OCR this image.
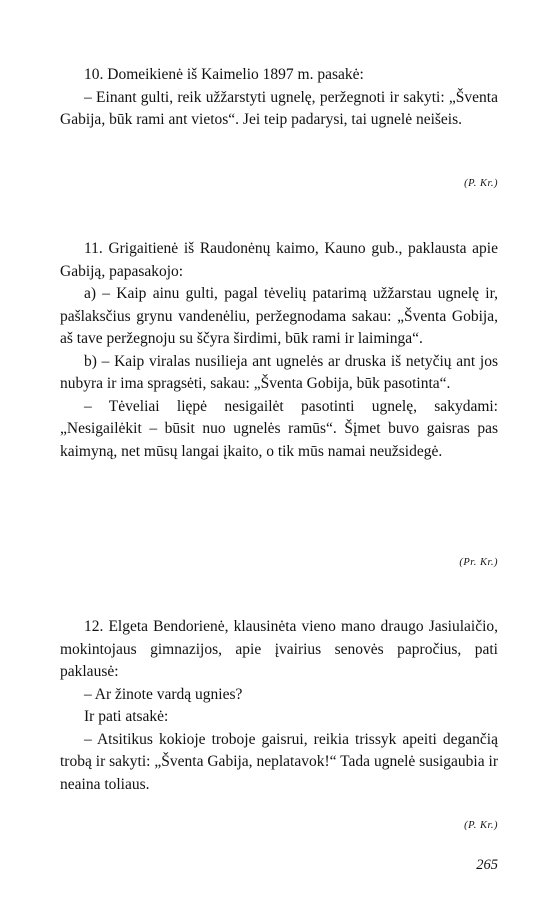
10. Domeikienė iš Kaimelio 1897 m. pasakė:

– Einant gulti, reik užžarstyti ugnelę, peržegnoti ir sakyti: „Šventa Gabija, būk rami ant vietos“. Jei teip padarysi, tai ugnelė neišeis.

(P. Kr.)

11. Grigaitienė iš Raudonėnų kaimo, Kauno gub., paklausta apie Gabiją, papasakojo:

a) – Kaip ainu gulti, pagal tėvelių patarimą užžarstau ugnelę ir, pašlaksčius grynu vandenėliu, peržegnodama sakau: „Šventa Gobija, aš tave peržegnoju su ščyra širdimi, būk rami ir laiminga“.

b) – Kaip viralas nusilieja ant ugnelės ar druska iš netyčių ant jos nubyra ir ima spragsėti, sakau: „Šventa Gobija, būk pasotinta“.

– Tėveliai liępė nesigailėt pasotinti ugnelę, sakydami: „Nesigailėkit – būsit nuo ugnelės ramūs“. Šįmet buvo gaisras pas kaimyną, net mūsų langai įkaito, o tik mūs namai neužsidegė.

(Pr. Kr.)

12. Elgeta Bendorienė, klausinėta vieno mano draugo Jasiulaičio, mokintojaus gimnazijos, apie įvairius senovės papročius, pati paklausė:

– Ar žinote vardą ugnies?

Ir pati atsakė:

– Atsitikus kokioje troboje gaisrui, reikia trissyk apeiti degančią trobą ir sakyti: „Šventa Gabija, neplatavok!“ Tada ugnelė susigaubia ir neaina toliaus.

(P. Kr.)
265
